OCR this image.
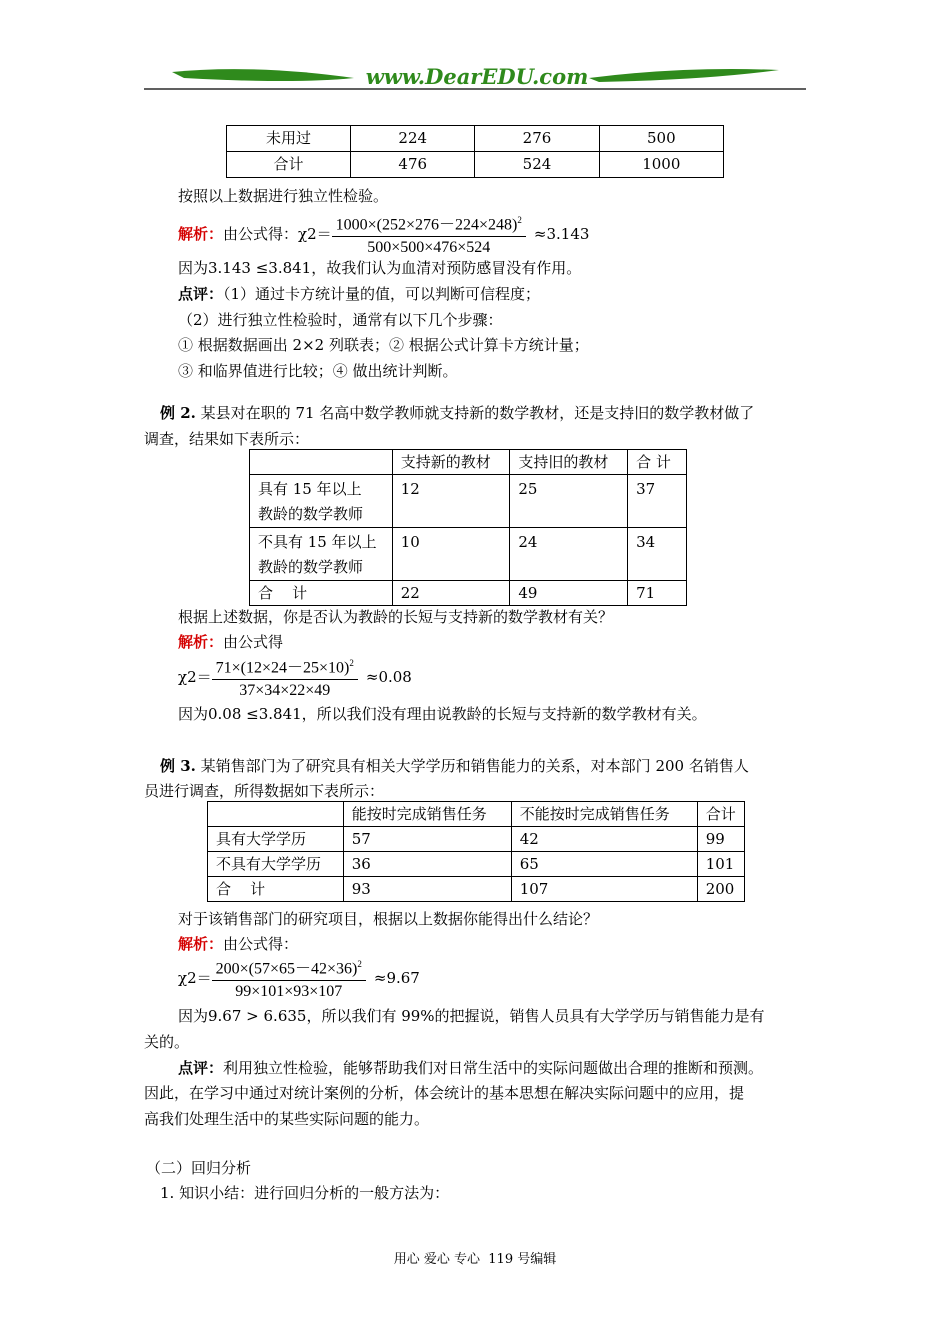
www.DearEDU.com
未用过	224	276	500
合计	476	524	1000
按照以上数据进行独立性检验。
解析： 由公式得：$\chi 2= \frac{1000\times(252\times 276-224\times 248)^2}{500\times 500\times 476\times 524} \approx 3.143$
因为3.143 ≤3.841，故我们认为血清对预防感冒没有作用。
点评：（1）通过卡方统计量的值，可以判断可信程度；
（2）进行独立性检验时，通常有以下几个步骤：
① 根据数据画出 2×2 列联表；② 根据公式计算卡方统计量；
③ 和临界值进行比较；④ 做出统计判断。
例 2. 某县对在职的 71 名高中数学教师就支持新的数学教材，还是支持旧的数学教材做了
调查，结果如下表所示：
	支持新的教材	支持旧的教材	合 计
具有 15 年以上
教龄的数学教师	12	25	37
不具有 15 年以上
教龄的数学教师	10	24	34
合    计	22	49	71
根据上述数据，你是否认为教龄的长短与支持新的数学教材有关？
解析：由公式得
$\chi 2= \frac{71\times(12\times 24-25\times 10)^2}{37\times 34\times 22\times 49} \approx 0.08$
因为0.08 ≤3.841，所以我们没有理由说教龄的长短与支持新的数学教材有关。
例 3. 某销售部门为了研究具有相关大学学历和销售能力的关系，对本部门 200 名销售人
员进行调查，所得数据如下表所示：
	能按时完成销售任务	不能按时完成销售任务	合计
具有大学学历	57	42	99
不具有大学学历	36	65	101
合    计	93	107	200
对于该销售部门的研究项目，根据以上数据你能得出什么结论？
解析：由公式得：
$\chi 2= \frac{200\times(57\times 65-42\times 36)^2}{99\times 101\times 93\times 107} \approx 9.67$
因为9.67 > 6.635，所以我们有 99%的把握说，销售人员具有大学学历与销售能力是有
关的。
点评：利用独立性检验，能够帮助我们对日常生活中的实际问题做出合理的推断和预测。
因此，在学习中通过对统计案例的分析，体会统计的基本思想在解决实际问题中的应用，提
高我们处理生活中的某些实际问题的能力。
（二）回归分析
1. 知识小结：进行回归分析的一般方法为：
用心 爱心 专心  119 号编辑
